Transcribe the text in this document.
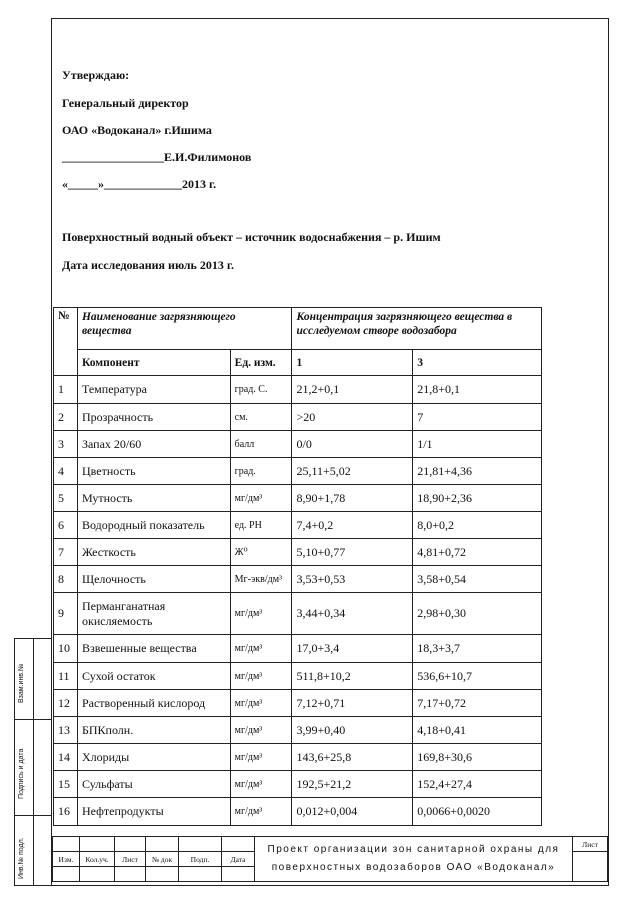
Утверждаю:
Генеральный директор
ОАО «Водоканал» г.Ишима
_________________Е.И.Филимонов
«_____»_____________2013 г.
Поверхностный водный объект – источник водоснабжения – р. Ишим
Дата исследования июль 2013 г.
№	Наименование загрязняющего вещества		Концентрация загрязняющего вещества в исследуемом створе водозабора	
	Компонент	Ед. изм.	1	3
1	Температура	град. С.	21,2+0,1	21,8+0,1
2	Прозрачность	см.	>20	7
3	Запах 20/60	балл	0/0	1/1
4	Цветность	град.	25,11+5,02	21,81+4,36
5	Мутность	мг/дм³	8,90+1,78	18,90+2,36
6	Водородный показатель	ед. РН	7,4+0,2	8,0+0,2
7	Жесткость	Ж⁰	5,10+0,77	4,81+0,72
8	Щелочность	Мг-экв/дм³	3,53+0,53	3,58+0,54
9	Перманганатная окисляемость	мг/дм³	3,44+0,34	2,98+0,30
10	Взвешенные вещества	мг/дм³	17,0+3,4	18,3+3,7
11	Сухой остаток	мг/дм³	511,8+10,2	536,6+10,7
12	Растворенный кислород	мг/дм³	7,12+0,71	7,17+0,72
13	БПКполн.	мг/дм³	3,99+0,40	4,18+0,41
14	Хлориды	мг/дм³	143,6+25,8	169,8+30,6
15	Сульфаты	мг/дм³	192,5+21,2	152,4+27,4
16	Нефтепродукты	мг/дм³	0,012+0,004	0,0066+0,0020
Взам.инв.№
Подпись и дата
Инв.№ подл.
							Проект организации зон санитарной охраны для
поверхностных водозаборов ОАО «Водоканал»	Лист
Изм.	Кол.уч.	Лист	№ док	Подп.	Дата		
